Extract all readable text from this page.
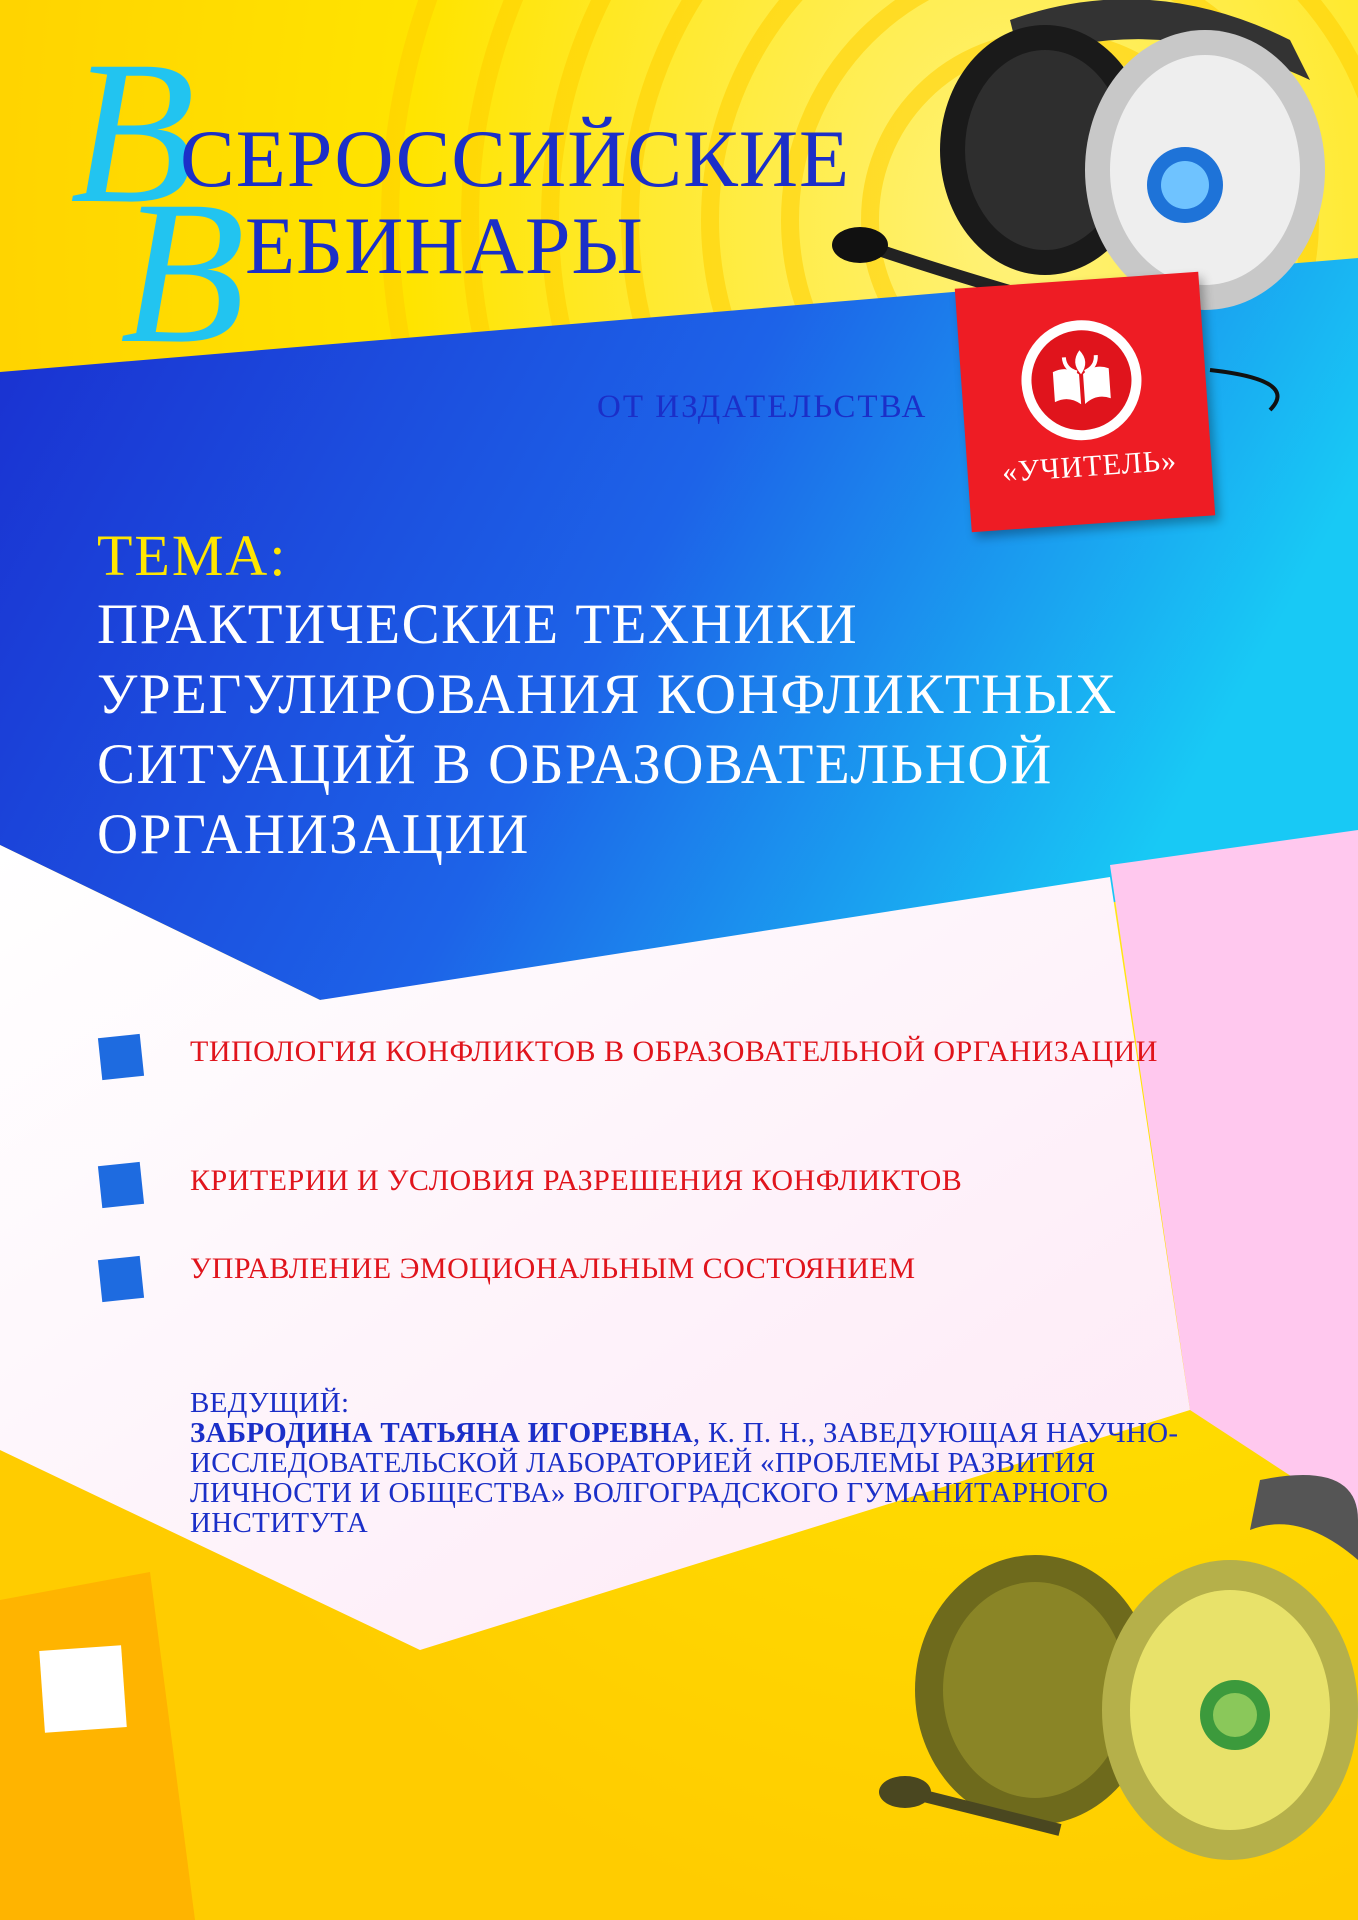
В
СЕРОССИЙСКИЕ
В ЕБИНАРЫ
ОТ ИЗДАТЕЛЬСТВА
«УЧИТЕЛЬ»
ТЕМА:
ПРАКТИЧЕСКИЕ ТЕХНИКИ УРЕГУЛИРОВАНИЯ КОНФЛИКТНЫХ СИТУАЦИЙ В ОБРАЗОВАТЕЛЬНОЙ ОРГАНИЗАЦИИ
ТИПОЛОГИЯ КОНФЛИКТОВ В ОБРАЗОВАТЕЛЬНОЙ ОРГАНИЗАЦИИ
КРИТЕРИИ И УСЛОВИЯ РАЗРЕШЕНИЯ КОНФЛИКТОВ
УПРАВЛЕНИЕ ЭМОЦИОНАЛЬНЫМ СОСТОЯНИЕМ
ВЕДУЩИЙ:
ЗАБРОДИНА ТАТЬЯНА ИГОРЕВНА, К. П. Н., ЗАВЕДУЮЩАЯ НАУЧНО-ИССЛЕДОВАТЕЛЬСКОЙ ЛАБОРАТОРИЕЙ «ПРОБЛЕМЫ РАЗВИТИЯ ЛИЧНОСТИ И ОБЩЕСТВА» ВОЛГОГРАДСКОГО ГУМАНИТАРНОГО ИНСТИТУТА
